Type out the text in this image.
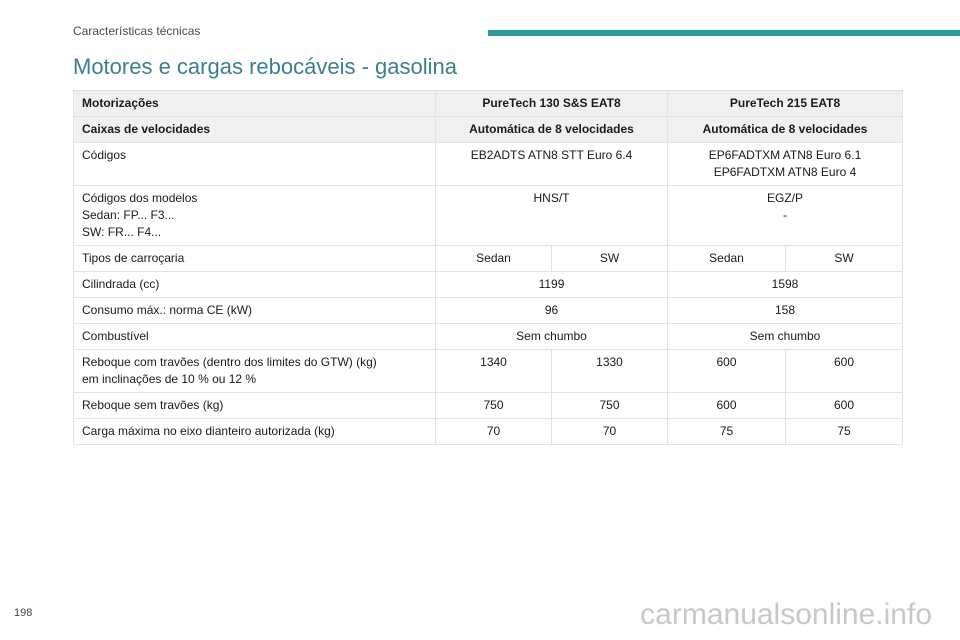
Características técnicas
Motores e cargas rebocáveis - gasolina
Motorizações	PureTech 130 S&S EAT8		PureTech 215 EAT8	
Caixas de velocidades	Automática de 8 velocidades		Automática de 8 velocidades	
Códigos	EB2ADTS ATN8 STT Euro 6.4		EP6FADTXM ATN8 Euro 6.1
EP6FADTXM ATN8 Euro 4	

Códigos dos modelos
Sedan: FP... F3...
SW: FR... F4...	HNS/T		EGZ/P
-	

Tipos de carroçaria	Sedan	SW	Sedan	SW
Cilindrada (cc)	1199		1598	
Consumo máx.: norma CE (kW)	96		158	
Combustível	Sem chumbo		Sem chumbo	

Reboque com travões (dentro dos limites do GTW) (kg)
em inclinações de 10 % ou 12 %	1340	1330	600	600
Reboque sem travões (kg)	750	750	600	600
Carga máxima no eixo dianteiro autorizada (kg)	70	70	75	75
198	carmanualsonline.info
